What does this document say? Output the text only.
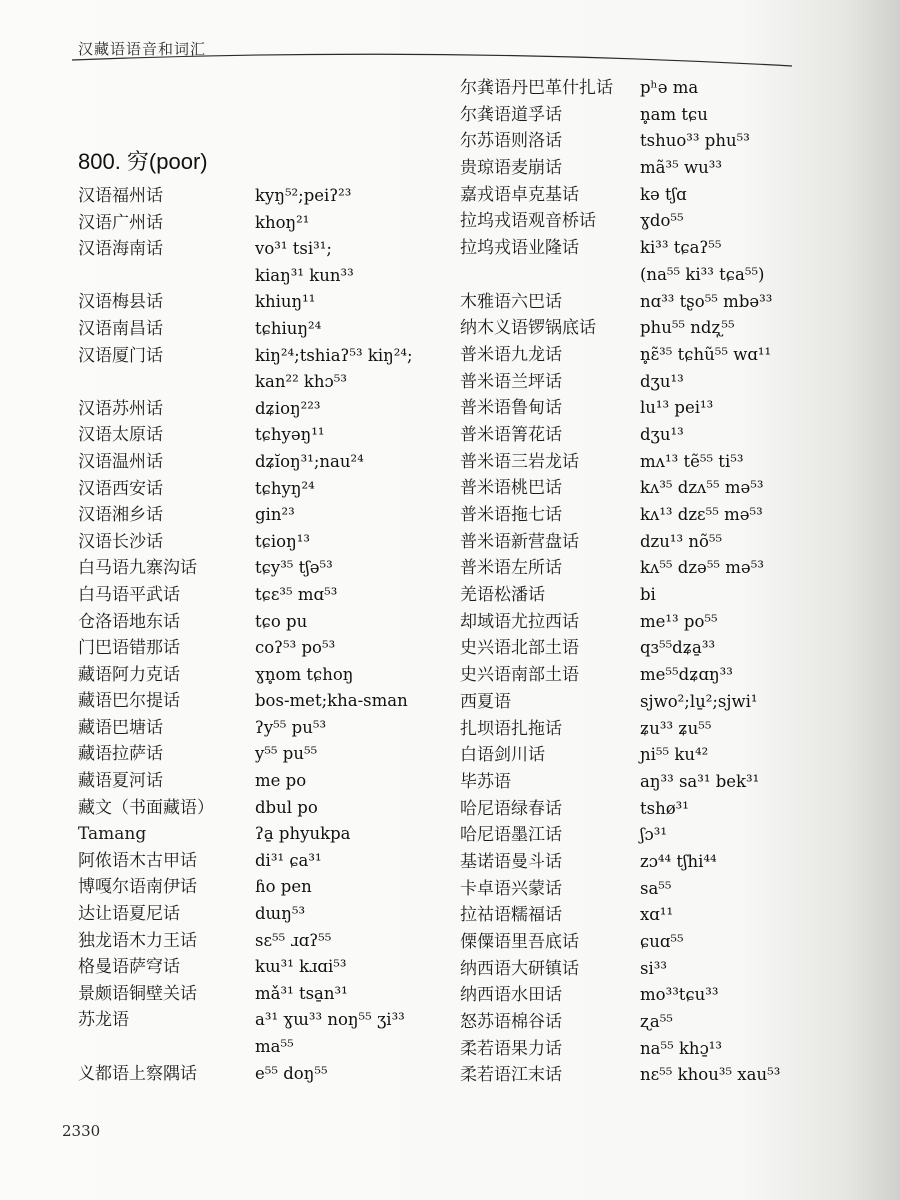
汉藏语语音和词汇
800. 穷(poor)
汉语福州话	kyŋ⁵²;peiʔ²³
汉语广州话	khoŋ²¹
汉语海南话	vo³¹ tsi³¹;
kiaŋ³¹ kun³³
汉语梅县话	khiuŋ¹¹
汉语南昌话	tɕhiuŋ²⁴
汉语厦门话	kiŋ²⁴;tshiaʔ⁵³ kiŋ²⁴;
kan²² khɔ⁵³
汉语苏州话	dʑioŋ²²³
汉语太原话	tɕhyəŋ¹¹
汉语温州话	dʑĭoŋ³¹;nau²⁴
汉语西安话	tɕhyŋ²⁴
汉语湘乡话	gin²³
汉语长沙话	tɕioŋ¹³
白马语九寨沟话	tɕy³⁵ tʃə⁵³
白马语平武话	tɕɛ³⁵ mɑ⁵³
仓洛语地东话	tɕo pu
门巴语错那话	coʔ⁵³ po⁵³
藏语阿力克话	ɣn̥om tɕhoŋ
藏语巴尔提话	bos-met;kha-sman
藏语巴塘话	ʔy⁵⁵ pu⁵³
藏语拉萨话	y⁵⁵ pu⁵⁵
藏语夏河话	me po
藏文（书面藏语）	dbul po
Tamang	ʔa̱ phyukpa
阿侬语木古甲话	di³¹ ɕa³¹
博嘎尔语南伊话	ɦo pen
达让语夏尼话	dɯŋ⁵³
独龙语木力王话	sɛ⁵⁵ ɹɑʔ⁵⁵
格曼语萨穹话	kɯ³¹ kɹɑi⁵³
景颇语铜壁关话	mǎ³¹ tsa̱n³¹
苏龙语	a³¹ ɣɯ³³ noŋ⁵⁵ ʒi³³
ma⁵⁵
义都语上察隅话	e⁵⁵ doŋ⁵⁵
尔龚语丹巴革什扎话	pʰə ma
尔龚语道孚话	n̥am tɕu
尔苏语则洛话	tshuo³³ phu⁵³
贵琼语麦崩话	mã³⁵ wu³³
嘉戎语卓克基话	kə tʃɑ
拉坞戎语观音桥话	ɣdo⁵⁵
拉坞戎语业隆话	ki³³ tɕaʔ⁵⁵
(na⁵⁵ ki³³ tɕa⁵⁵)
木雅语六巴话	nɑ³³ tʂo⁵⁵ mbə³³
纳木义语锣锅底话	phu⁵⁵ ndʐ̩⁵⁵
普米语九龙话	n̥ɛ̃³⁵ tɕhũ⁵⁵ wɑ¹¹
普米语兰坪话	dʒu¹³
普米语鲁甸话	lu¹³ pei¹³
普米语箐花话	dʒu¹³
普米语三岩龙话	mʌ¹³ tẽ⁵⁵ ti⁵³
普米语桃巴话	kʌ³⁵ dzʌ⁵⁵ mə⁵³
普米语拖七话	kʌ¹³ dzɛ⁵⁵ mə⁵³
普米语新营盘话	dzu¹³ nõ⁵⁵
普米语左所话	kʌ⁵⁵ dzə⁵⁵ mə⁵³
羌语松潘话	bi
却域语尤拉西话	me¹³ po⁵⁵
史兴语北部土语	qɜ⁵⁵dʑa̱³³
史兴语南部土语	me⁵⁵dʑɑŋ³³
西夏语	sjwo²;lu̱²;sjwi¹
扎坝语扎拖话	ʑu³³ ʑu⁵⁵
白语剑川话	ɲi⁵⁵ ku⁴²
毕苏语	aŋ³³ sa³¹ bek³¹
哈尼语绿春话	tshø³¹
哈尼语墨江话	ʃɔ³¹
基诺语曼斗话	zɔ⁴⁴ tʃhi⁴⁴
卡卓语兴蒙话	sa⁵⁵
拉祜语糯福话	xɑ¹¹
傈僳语里吾底话	ɕuɑ⁵⁵
纳西语大研镇话	si³³
纳西语水田话	mo³³tɕu³³
怒苏语棉谷话	ʐa⁵⁵
柔若语果力话	na⁵⁵ khɔ̱¹³
柔若语江末话	nɛ⁵⁵ khou³⁵ xau⁵³
2330
